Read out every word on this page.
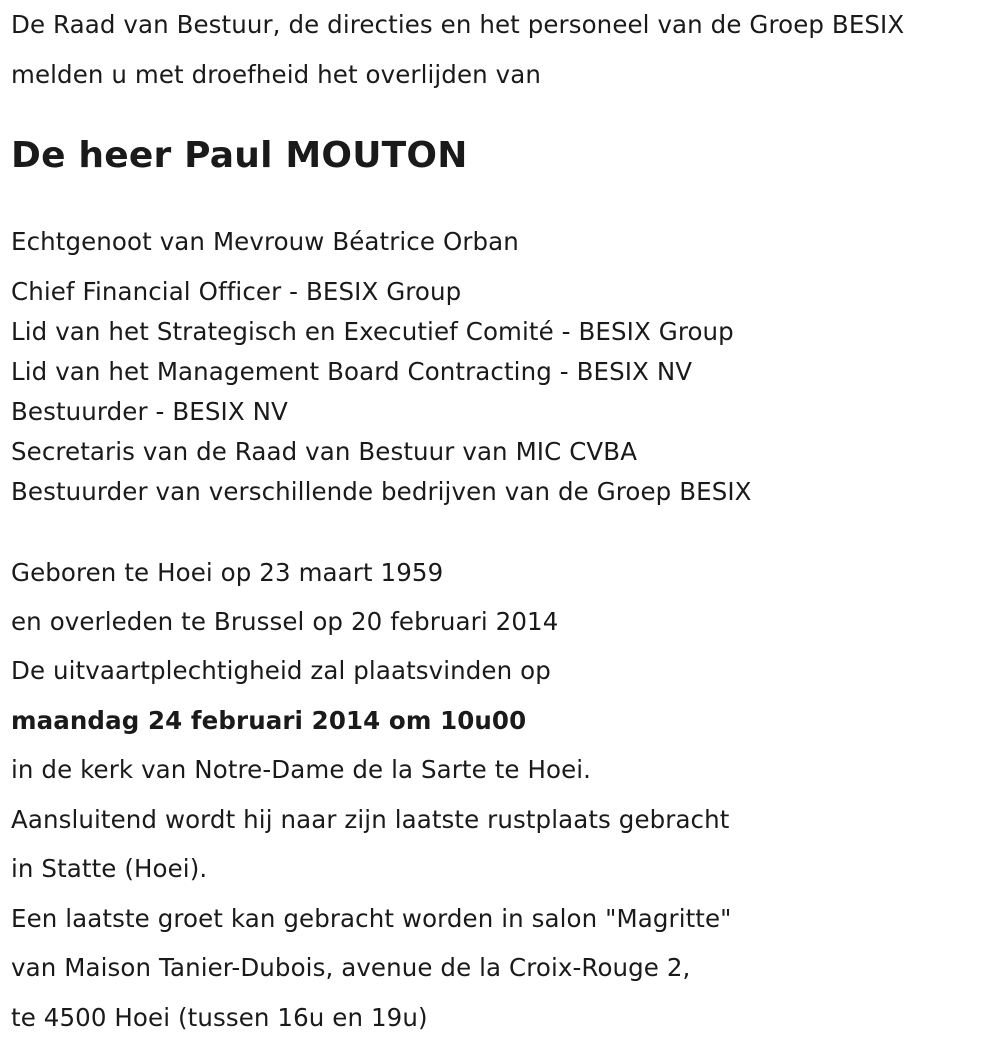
De Raad van Bestuur, de directies en het personeel van de Groep BESIX
melden u met droefheid het overlijden van
De heer Paul MOUTON
Echtgenoot van Mevrouw Béatrice Orban
Chief Financial Officer - BESIX Group
Lid van het Strategisch en Executief Comité - BESIX Group
Lid van het Management Board Contracting - BESIX NV
Bestuurder - BESIX NV
Secretaris van de Raad van Bestuur van MIC CVBA
Bestuurder van verschillende bedrijven van de Groep BESIX
Geboren te Hoei op 23 maart 1959
en overleden te Brussel op 20 februari 2014
De uitvaartplechtigheid zal plaatsvinden op
maandag 24 februari 2014 om 10u00
in de kerk van Notre-Dame de la Sarte te Hoei.
Aansluitend wordt hij naar zijn laatste rustplaats gebracht
in Statte (Hoei).
Een laatste groet kan gebracht worden in salon "Magritte"
van Maison Tanier-Dubois, avenue de la Croix-Rouge 2,
te 4500 Hoei (tussen 16u en 19u)
